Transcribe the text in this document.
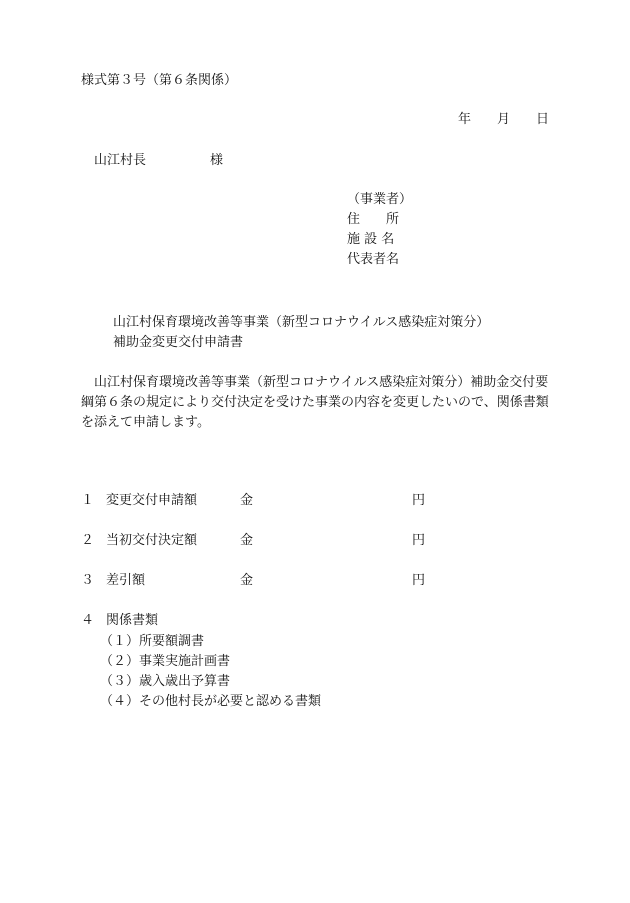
様式第３号（第６条関係）
年 月 日
山江村長	様
（事業者）
住　　所
施 設 名
代表者名
山江村保育環境改善等事業（新型コロナウイルス感染症対策分）
補助金変更交付申請書
山江村保育環境改善等事業（新型コロナウイルス感染症対策分）補助金交付要綱第６条の規定により交付決定を受けた事業の内容を変更したいので、関係書類を添えて申請します。
１ 変更交付申請額	金	円
２ 当初交付決定額	金	円
３ 差引額	金	円
４ 関係書類
（１）所要額調書
（２）事業実施計画書
（３）歳入歳出予算書
（４）その他村長が必要と認める書類
